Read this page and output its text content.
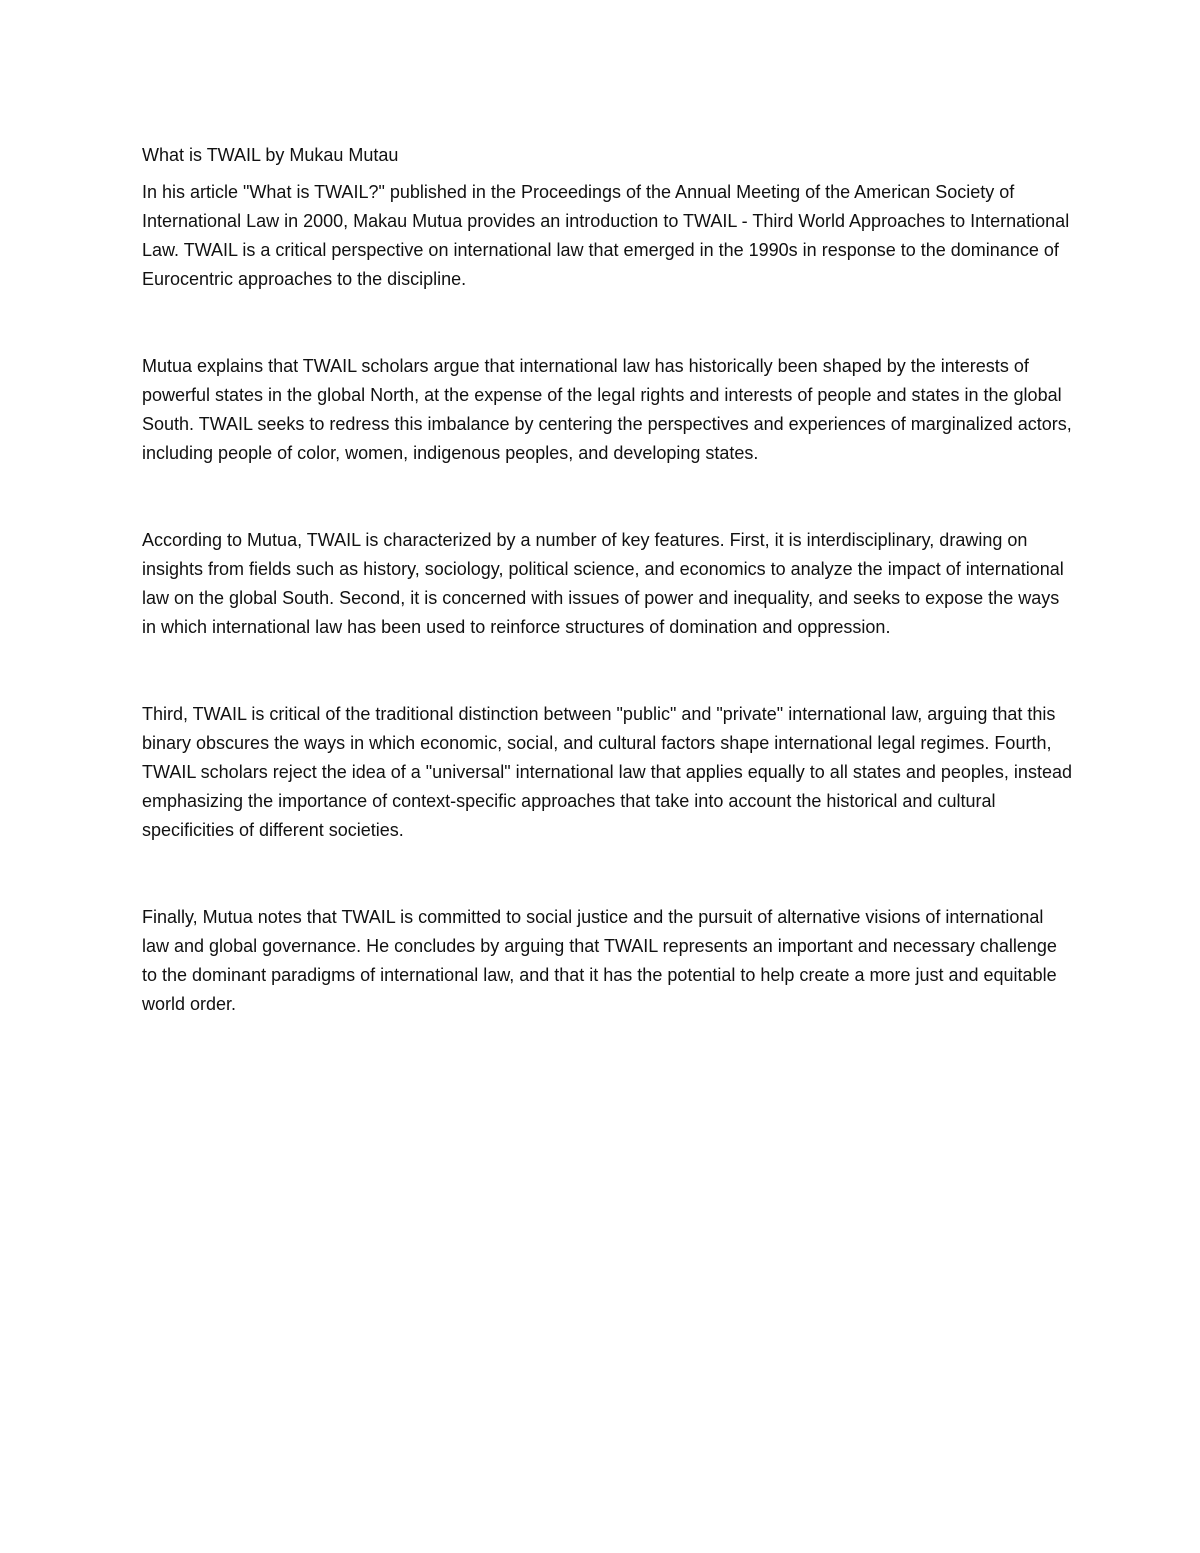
What is TWAIL by Mukau Mutau

In his article "What is TWAIL?" published in the Proceedings of the Annual Meeting of the American Society of International Law in 2000, Makau Mutua provides an introduction to TWAIL - Third World Approaches to International Law. TWAIL is a critical perspective on international law that emerged in the 1990s in response to the dominance of Eurocentric approaches to the discipline.

Mutua explains that TWAIL scholars argue that international law has historically been shaped by the interests of powerful states in the global North, at the expense of the legal rights and interests of people and states in the global South. TWAIL seeks to redress this imbalance by centering the perspectives and experiences of marginalized actors, including people of color, women, indigenous peoples, and developing states.

According to Mutua, TWAIL is characterized by a number of key features. First, it is interdisciplinary, drawing on insights from fields such as history, sociology, political science, and economics to analyze the impact of international law on the global South. Second, it is concerned with issues of power and inequality, and seeks to expose the ways in which international law has been used to reinforce structures of domination and oppression.

Third, TWAIL is critical of the traditional distinction between "public" and "private" international law, arguing that this binary obscures the ways in which economic, social, and cultural factors shape international legal regimes. Fourth, TWAIL scholars reject the idea of a "universal" international law that applies equally to all states and peoples, instead emphasizing the importance of context-specific approaches that take into account the historical and cultural specificities of different societies.

Finally, Mutua notes that TWAIL is committed to social justice and the pursuit of alternative visions of international law and global governance. He concludes by arguing that TWAIL represents an important and necessary challenge to the dominant paradigms of international law, and that it has the potential to help create a more just and equitable world order.
